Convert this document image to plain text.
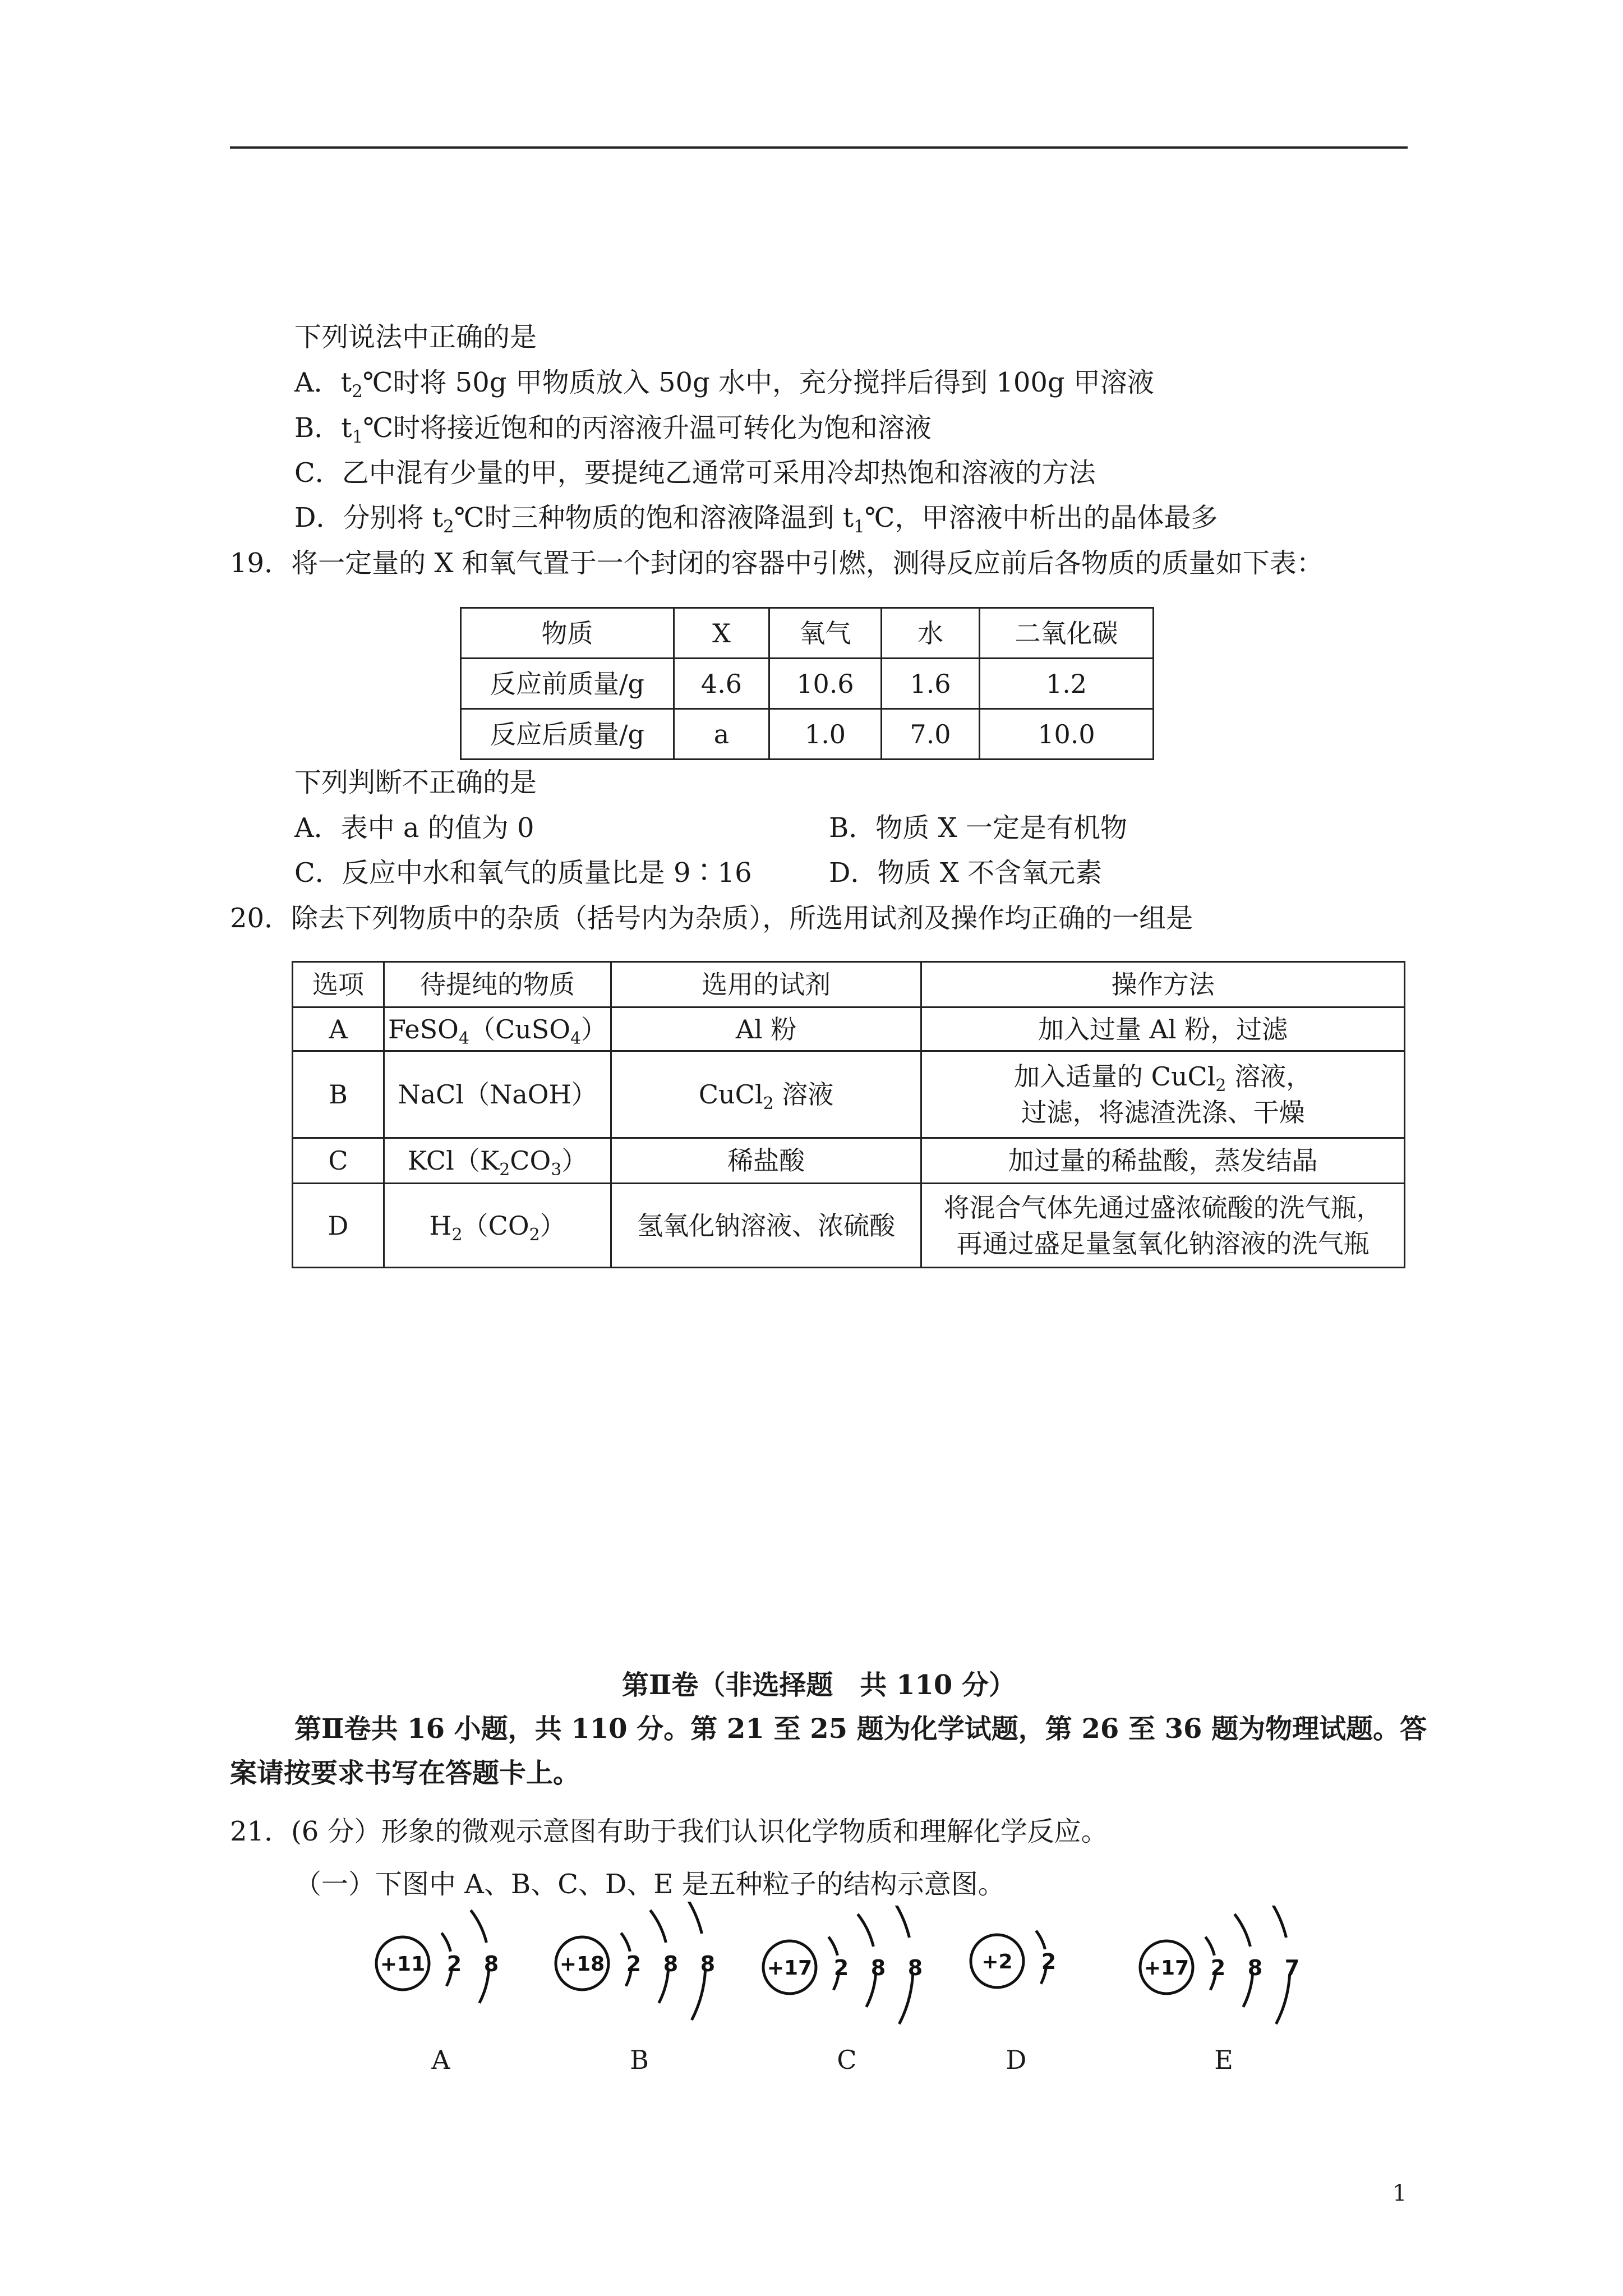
下列说法中正确的是
A．$t_2℃$时将 50g 甲物质放入 50g 水中，充分搅拌后得到 100g 甲溶液
B．$t_1℃$时将接近饱和的丙溶液升温可转化为饱和溶液
C．乙中混有少量的甲，要提纯乙通常可采用冷却热饱和溶液的方法
D．分别将 $t_2℃$时三种物质的饱和溶液降温到 $t_1℃$，甲溶液中析出的晶体最多
19．将一定量的 X 和氧气置于一个封闭的容器中引燃，测得反应前后各物质的质量如下表：
物质	X	氧气	水	二氧化碳
反应前质量/g	4.6	10.6	1.6	1.2
反应后质量/g	a	1.0	7.0	10.0
下列判断不正确的是
A．表中 a 的值为 0	B．物质 X 一定是有机物
C．反应中水和氧气的质量比是 9∶16	D．物质 X 不含氧元素
20．除去下列物质中的杂质（括号内为杂质），所选用试剂及操作均正确的一组是
选项	待提纯的物质	选用的试剂	操作方法
A	FeSO$_4$（CuSO$_4$）	Al 粉	加入过量 Al 粉，过滤

B	NaCl（NaOH）	CuCl$_2$ 溶液	加入适量的 CuCl$_2$ 溶液，
过滤，将滤渣洗涤、干燥

C	$KCl(K_2CO_3)$	稀盐酸	加过量的稀盐酸，蒸发结晶

D	$H_2(CO_2)$	氢氧化钠溶液、浓硫酸	将混合气体先通过盛浓硫酸的洗气瓶，
再通过盛足量氢氧化钠溶液的洗气瓶
第Ⅱ卷（非选择题　共 110 分）
第Ⅱ卷共 16 小题，共 110 分。第 21 至 25 题为化学试题，第 26 至 36 题为物理试题。答
案请按要求书写在答题卡上。
21．(6 分）形象的微观示意图有助于我们认识化学物质和理解化学反应。
（一）下图中 A、B、C、D、E 是五种粒子的结构示意图。
+11 2 8
A
+18 2 8 8
B
+17 2 8 8
C
+2 2
D
+17 2 8 7
E
1
